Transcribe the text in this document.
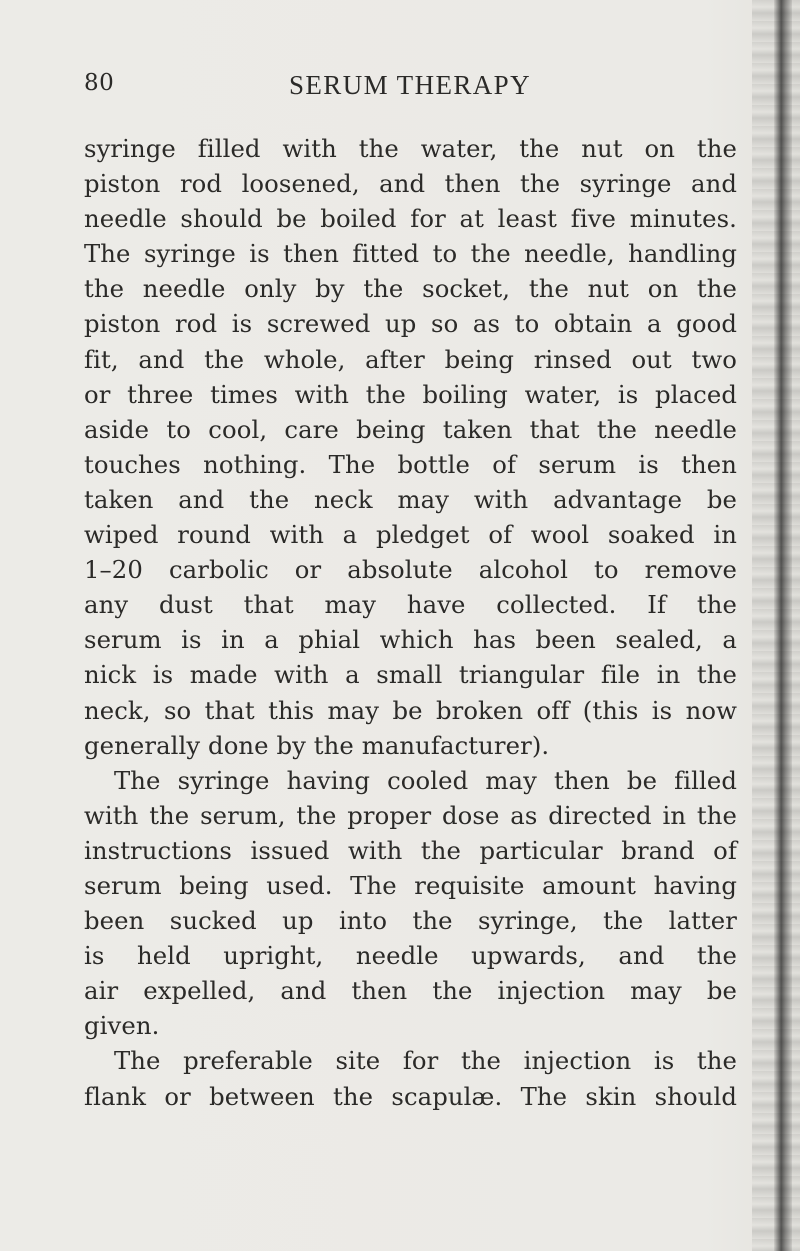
80	SERUM THERAPY
syringe filled with the water, the nut on the
piston rod loosened, and then the syringe and
needle should be boiled for at least five minutes.
The syringe is then fitted to the needle, handling
the needle only by the socket, the nut on the
piston rod is screwed up so as to obtain a good
fit, and the whole, after being rinsed out two
or three times with the boiling water, is placed
aside to cool, care being taken that the needle
touches nothing. The bottle of serum is then
taken and the neck may with advantage be
wiped round with a pledget of wool soaked in
1–20 carbolic or absolute alcohol to remove
any dust that may have collected. If the
serum is in a phial which has been sealed, a
nick is made with a small triangular file in the
neck, so that this may be broken off (this is now
generally done by the manufacturer).
The syringe having cooled may then be filled
with the serum, the proper dose as directed in the
instructions issued with the particular brand of
serum being used. The requisite amount having
been sucked up into the syringe, the latter
is held upright, needle upwards, and the
air expelled, and then the injection may be
given.
The preferable site for the injection is the
flank or between the scapulæ. The skin should
